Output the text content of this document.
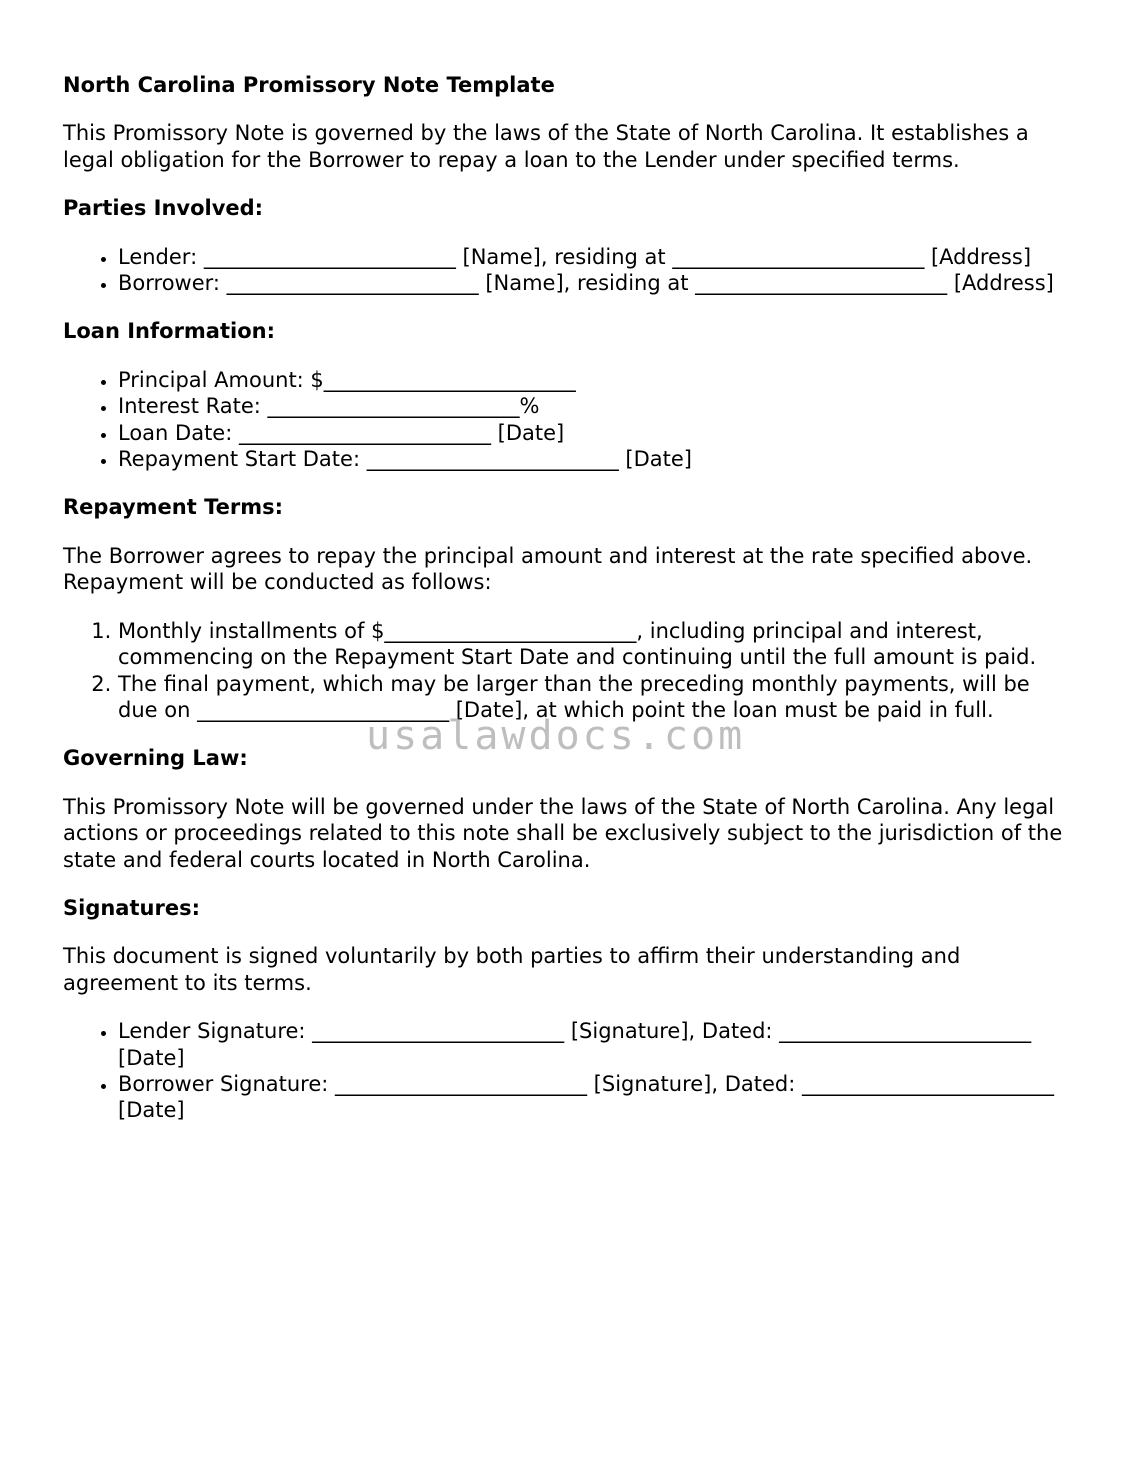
North Carolina Promissory Note Template
This Promissory Note is governed by the laws of the State of North Carolina. It establishes a legal obligation for the Borrower to repay a loan to the Lender under specified terms.
Parties Involved:
• Lender: ________________________ [Name], residing at ________________________ [Address]
• Borrower: ________________________ [Name], residing at ________________________ [Address]
Loan Information:
• Principal Amount: $________________________
• Interest Rate: ________________________%
• Loan Date: ________________________ [Date]
• Repayment Start Date: ________________________ [Date]
Repayment Terms:
The Borrower agrees to repay the principal amount and interest at the rate specified above. Repayment will be conducted as follows:
1. Monthly installments of $________________________, including principal and interest, commencing on the Repayment Start Date and continuing until the full amount is paid.
2. The final payment, which may be larger than the preceding monthly payments, will be due on ________________________ [Date], at which point the loan must be paid in full.
Governing Law:
This Promissory Note will be governed under the laws of the State of North Carolina. Any legal actions or proceedings related to this note shall be exclusively subject to the jurisdiction of the state and federal courts located in North Carolina.
Signatures:
This document is signed voluntarily by both parties to affirm their understanding and agreement to its terms.
• Lender Signature: ________________________ [Signature], Dated: ________________________ [Date]
• Borrower Signature: ________________________ [Signature], Dated: ________________________ [Date]
usalawdocs.com
